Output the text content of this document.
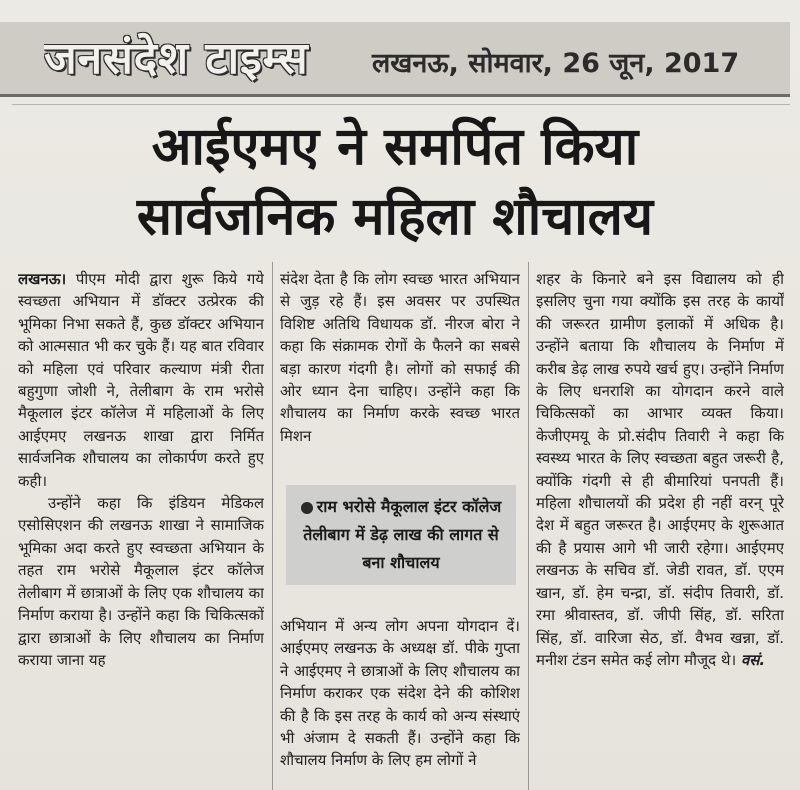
जनसंदेश टाइम्स	लखनऊ, सोमवार, 26 जून, 2017
आईएमए ने समर्पित किया
सार्वजनिक महिला शौचालय

लखनऊ। पीएम मोदी द्वारा शुरू किये गये स्वच्छता अभियान में डॉक्टर उत्प्रेरक की भूमिका निभा सकते हैं, कुछ डॉक्टर अभियान को आत्मसात भी कर चुके हैं। यह बात रविवार को महिला एवं परिवार कल्याण मंत्री रीता बहुगुणा जोशी ने, तेलीबाग के राम भरोसे मैकूलाल इंटर कॉलेज में महिलाओं के लिए आईएमए लखनऊ शाखा द्वारा निर्मित सार्वजनिक शौचालय का लोकार्पण करते हुए कही।

उन्होंने कहा कि इंडियन मेडिकल एसोसिएशन की लखनऊ शाखा ने सामाजिक भूमिका अदा करते हुए स्वच्छता अभियान के तहत राम भरोसे मैकूलाल इंटर कॉलेज तेलीबाग में छात्राओं के लिए एक शौचालय का निर्माण कराया है। उन्होंने कहा कि चिकित्सकों द्वारा छात्राओं के लिए शौचालय का निर्माण कराया जाना यह

संदेश देता है कि लोग स्वच्छ भारत अभियान से जुड़ रहे हैं। इस अवसर पर उपस्थित विशिष्ट अतिथि विधायक डॉ. नीरज बोरा ने कहा कि संक्रामक रोगों के फैलने का सबसे बड़ा कारण गंदगी है। लोगों को सफाई की ओर ध्यान देना चाहिए। उन्होंने कहा कि शौचालय का निर्माण करके स्वच्छ भारत मिशन

राम भरोसे मैकूलाल इंटर कॉलेज तेलीबाग में डेढ़ लाख की लागत से बना शौचालय

अभियान में अन्य लोग अपना योगदान दें। आईएमए लखनऊ के अध्यक्ष डॉ. पीके गुप्ता ने आईएमए ने छात्राओं के लिए शौचालय का निर्माण कराकर एक संदेश देने की कोशिश की है कि इस तरह के कार्य को अन्य संस्थाएं भी अंजाम दे सकती हैं। उन्होंने कहा कि शौचालय निर्माण के लिए हम लोगों ने

शहर के किनारे बने इस विद्यालय को ही इसलिए चुना गया क्योंकि इस तरह के कार्यों की जरूरत ग्रामीण इलाकों में अधिक है। उन्होंने बताया कि शौचालय के निर्माण में करीब डेढ़ लाख रुपये खर्च हुए। उन्होंने निर्माण के लिए धनराशि का योगदान करने वाले चिकित्सकों का आभार व्यक्त किया। केजीएमयू के प्रो.संदीप तिवारी ने कहा कि स्वस्थ्य भारत के लिए स्वच्छता बहुत जरूरी है, क्योंकि गंदगी से ही बीमारियां पनपती हैं। महिला शौचालयों की प्रदेश ही नहीं वरन् पूरे देश में बहुत जरूरत है। आईएमए के शुरूआत की है प्रयास आगे भी जारी रहेगा। आईएमए लखनऊ के सचिव डॉ. जेडी रावत, डॉ. एएम खान, डॉ. हेम चन्द्रा, डॉ. संदीप तिवारी, डॉ. रमा श्रीवास्तव, डॉ. जीपी सिंह, डॉ. सरिता सिंह, डॉ. वारिजा सेठ, डॉ. वैभव खन्ना, डॉ. मनीश टंडन समेत कई लोग मौजूद थे। वसं.
